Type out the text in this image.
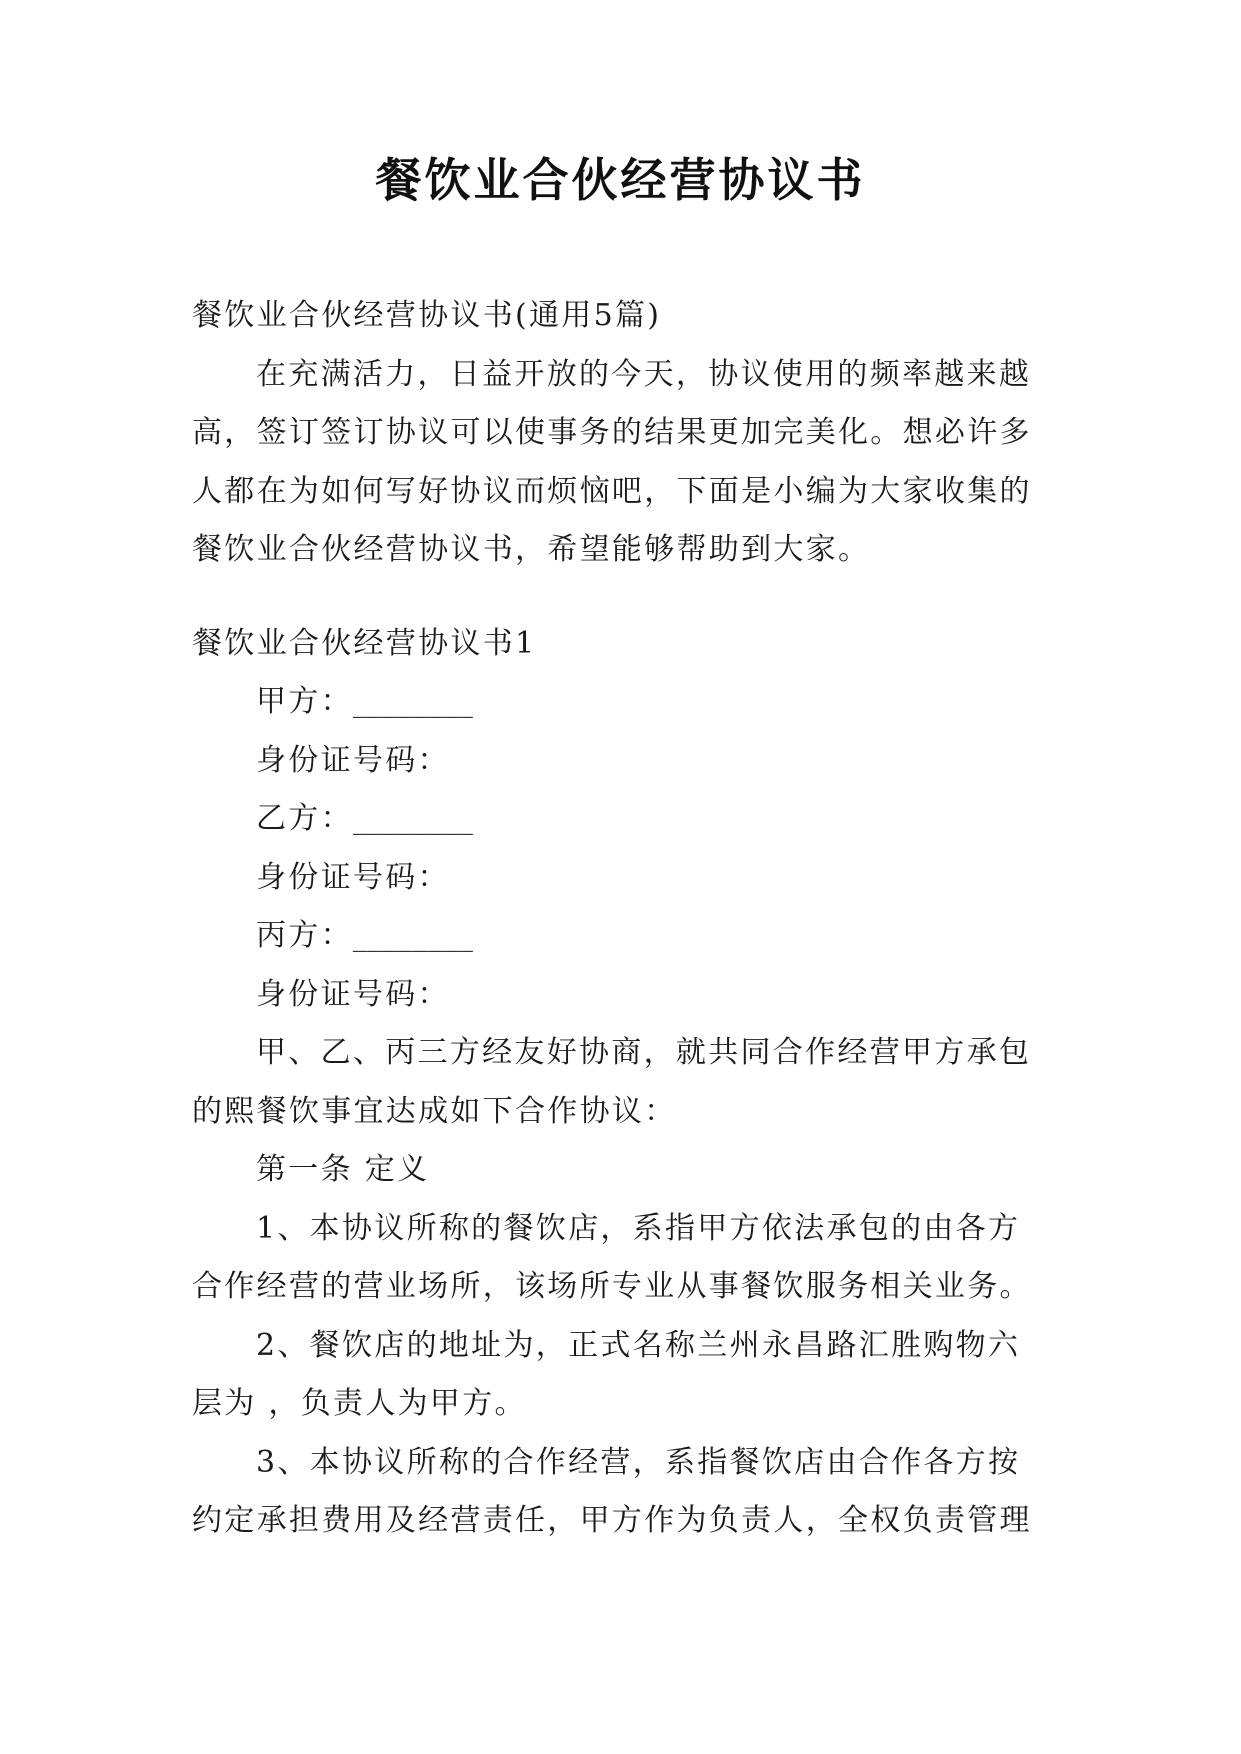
餐饮业合伙经营协议书
餐饮业合伙经营协议书(通用5篇)
在充满活力，日益开放的今天，协议使用的频率越来越
高，签订签订协议可以使事务的结果更加完美化。想必许多
人都在为如何写好协议而烦恼吧，下面是小编为大家收集的
餐饮业合伙经营协议书，希望能够帮助到大家。
餐饮业合伙经营协议书1
甲方：________
身份证号码：
乙方：________
身份证号码：
丙方：________
身份证号码：
甲、乙、丙三方经友好协商，就共同合作经营甲方承包
的熙餐饮事宜达成如下合作协议：
第一条 定义
1、本协议所称的餐饮店，系指甲方依法承包的由各方
合作经营的营业场所，该场所专业从事餐饮服务相关业务。
2、餐饮店的地址为，正式名称兰州永昌路汇胜购物六
层为 ，负责人为甲方。
3、本协议所称的合作经营，系指餐饮店由合作各方按
约定承担费用及经营责任，甲方作为负责人，全权负责管理
